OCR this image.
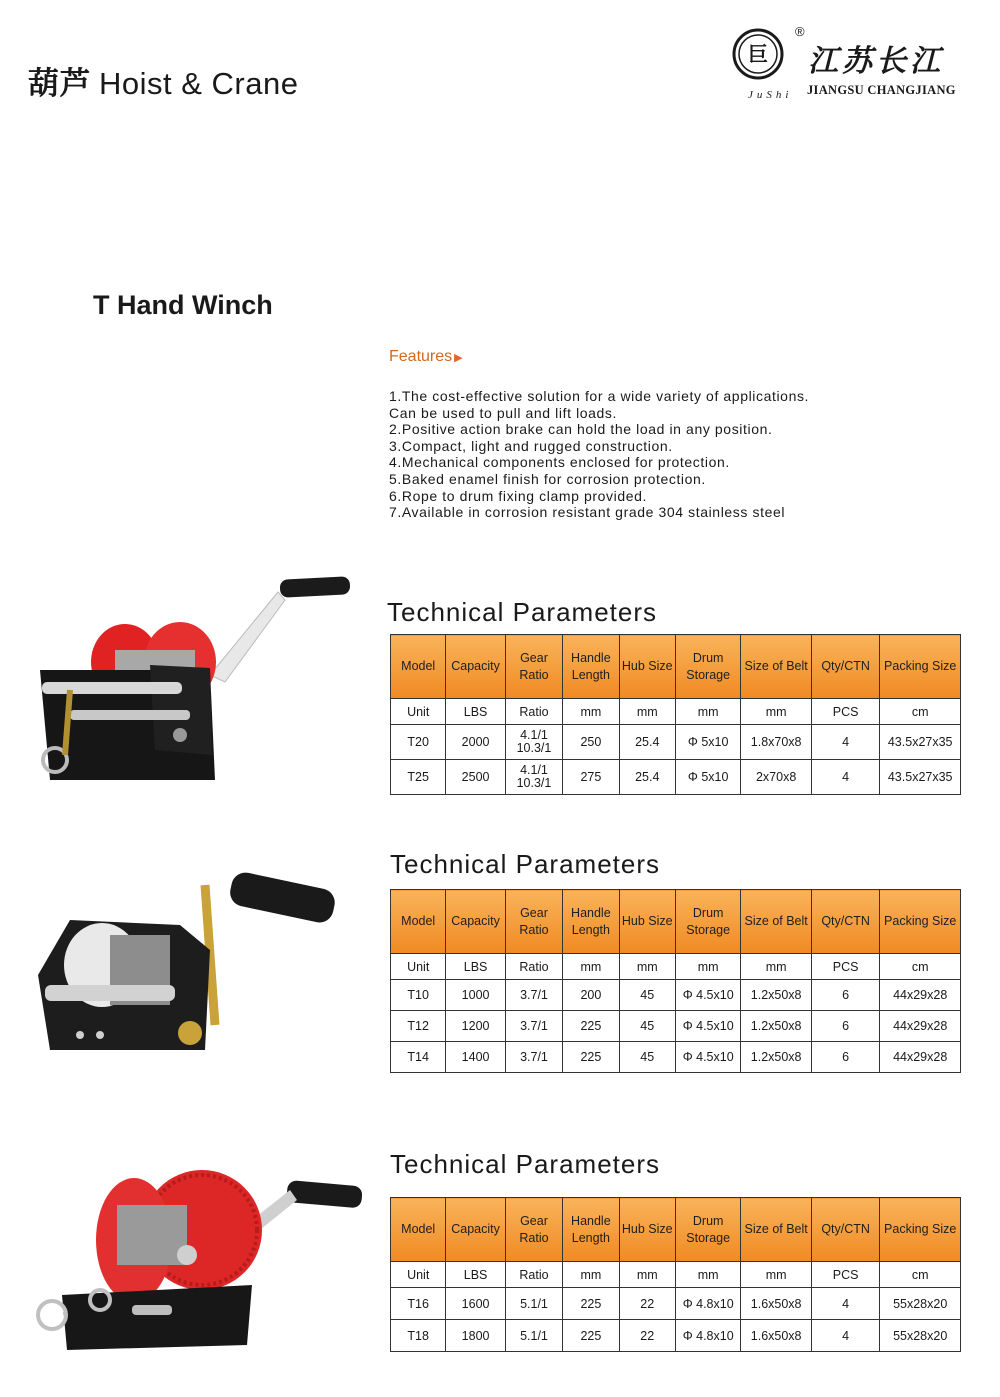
葫芦 Hoist & Crane
巨
JuShi
®
江苏长江
JIANGSU CHANGJIANG
T Hand Winch
Features ▶
1.The cost-effective solution for a wide variety of applications.
Can be used to pull and lift loads.
2.Positive action brake can hold the load in any position.
3.Compact, light and rugged construction.
4.Mechanical components enclosed for protection.
5.Baked enamel finish for corrosion protection.
6.Rope to drum fixing clamp provided.
7.Available in corrosion resistant grade 304 stainless steel
Technical Parameters
Model	Capacity	Gear Ratio	Handle Length	Hub Size	Drum Storage	Size of Belt	Qty/CTN	Packing Size
Unit	LBS	Ratio	mm	mm	mm	mm	PCS	cm
T20	2000	4.1/1 10.3/1	250	25.4	Φ 5x10	1.8x70x8	4	43.5x27x35
T25	2500	4.1/1 10.3/1	275	25.4	Φ 5x10	2x70x8	4	43.5x27x35
Technical Parameters
Model	Capacity	Gear Ratio	Handle Length	Hub Size	Drum Storage	Size of Belt	Qty/CTN	Packing Size
Unit	LBS	Ratio	mm	mm	mm	mm	PCS	cm
T10	1000	3.7/1	200	45	Φ 4.5x10	1.2x50x8	6	44x29x28
T12	1200	3.7/1	225	45	Φ 4.5x10	1.2x50x8	6	44x29x28
T14	1400	3.7/1	225	45	Φ 4.5x10	1.2x50x8	6	44x29x28
Technical Parameters
Model	Capacity	Gear Ratio	Handle Length	Hub Size	Drum Storage	Size of Belt	Qty/CTN	Packing Size
Unit	LBS	Ratio	mm	mm	mm	mm	PCS	cm
T16	1600	5.1/1	225	22	Φ 4.8x10	1.6x50x8	4	55x28x20
T18	1800	5.1/1	225	22	Φ 4.8x10	1.6x50x8	4	55x28x20
